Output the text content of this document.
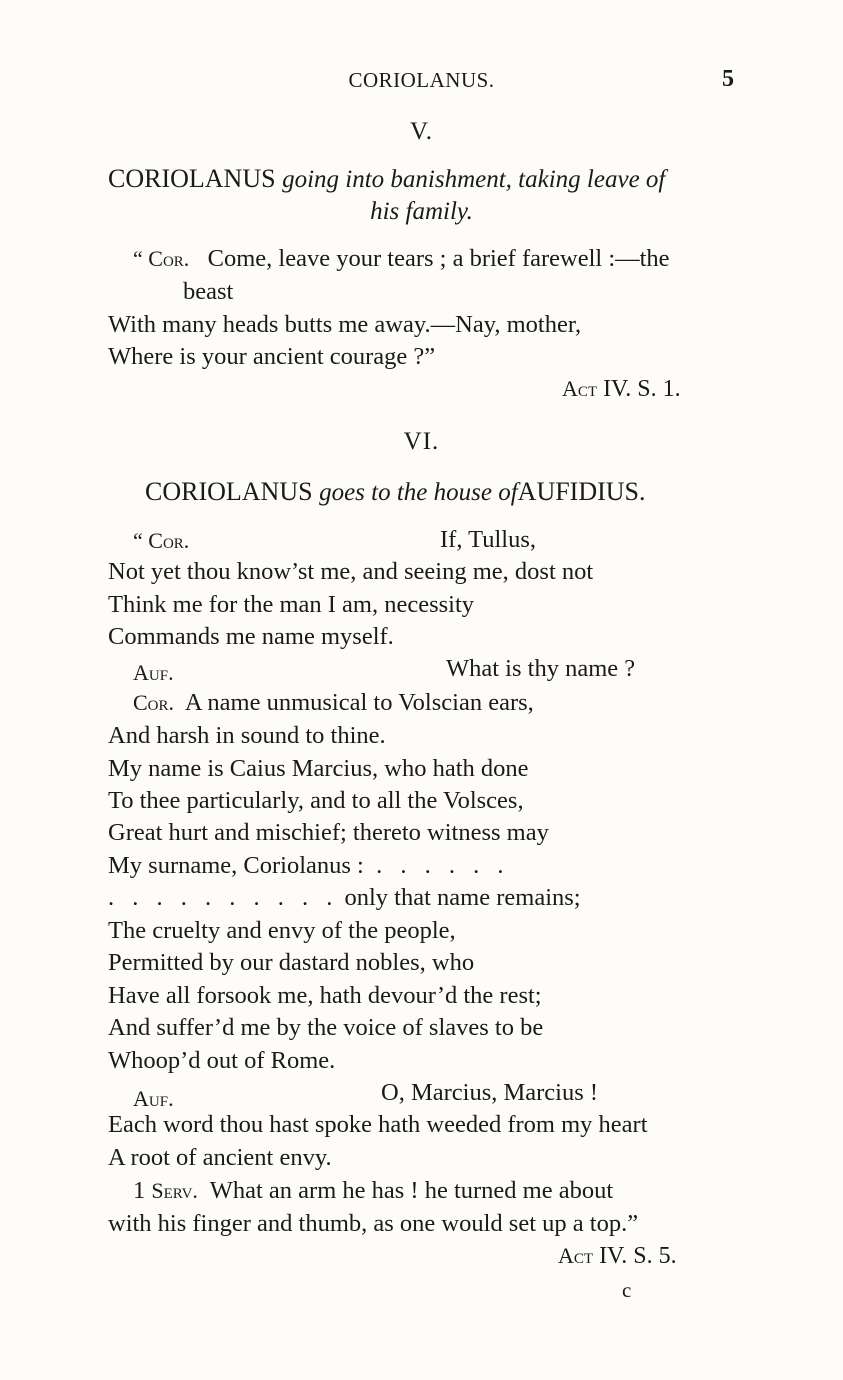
CORIOLANUS.	5
V.
CORIOLANUS going into banishment, taking leave of
his family.
“ Cor. Come, leave your tears ; a brief farewell :—the
beast
With many heads butts me away.—Nay, mother,
Where is your ancient courage ?”
Act IV. S. 1.
VI.
CORIOLANUS goes to the house ofAUFIDIUS.
“ Cor.	If, Tullus,
Not yet thou know’st me, and seeing me, dost not
Think me for the man I am, necessity
Commands me name myself.
Auf.	What is thy name ?
Cor. A name unmusical to Volscian ears,
And harsh in sound to thine.
My name is Caius Marcius, who hath done
To thee particularly, and to all the Volsces,
Great hurt and mischief; thereto witness may
My surname, Coriolanus : . . . . . .
. . . . . . . . . . only that name remains;
The cruelty and envy of the people,
Permitted by our dastard nobles, who
Have all forsook me, hath devour’d the rest;
And suffer’d me by the voice of slaves to be
Whoop’d out of Rome.
Auf.	O, Marcius, Marcius !
Each word thou hast spoke hath weeded from my heart
A root of ancient envy.
1 Serv. What an arm he has ! he turned me about
with his finger and thumb, as one would set up a top.”
Act IV. S. 5.
c
